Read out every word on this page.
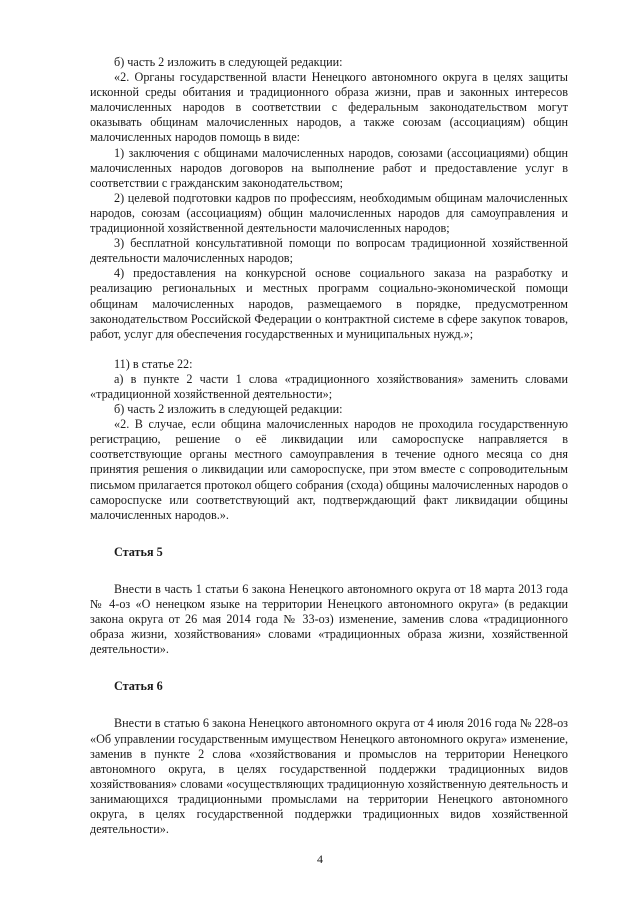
б) часть 2 изложить в следующей редакции:

«2. Органы государственной власти Ненецкого автономного округа в целях защиты исконной среды обитания и традиционного образа жизни, прав и законных интересов малочисленных народов в соответствии с федеральным законодательством могут оказывать общинам малочисленных народов, а также союзам (ассоциациям) общин малочисленных народов помощь в виде:

1) заключения с общинами малочисленных народов, союзами (ассоциациями) общин малочисленных народов договоров на выполнение работ и предоставление услуг в соответствии с гражданским законодательством;

2) целевой подготовки кадров по профессиям, необходимым общинам малочисленных народов, союзам (ассоциациям) общин малочисленных народов для самоуправления и традиционной хозяйственной деятельности малочисленных народов;

3) бесплатной консультативной помощи по вопросам традиционной хозяйственной деятельности малочисленных народов;

4) предоставления на конкурсной основе социального заказа на разработку и реализацию региональных и местных программ социально-экономической помощи общинам малочисленных народов, размещаемого в порядке, предусмотренном законодательством Российской Федерации о контрактной системе в сфере закупок товаров, работ, услуг для обеспечения государственных и муниципальных нужд.»;

11) в статье 22:

а) в пункте 2 части 1 слова «традиционного хозяйствования» заменить словами «традиционной хозяйственной деятельности»;

б) часть 2 изложить в следующей редакции:

«2. В случае, если община малочисленных народов не проходила государственную регистрацию, решение о её ликвидации или самороспуске направляется в соответствующие органы местного самоуправления в течение одного месяца со дня принятия решения о ликвидации или самороспуске, при этом вместе с сопроводительным письмом прилагается протокол общего собрания (схода) общины малочисленных народов о самороспуске или соответствующий акт, подтверждающий факт ликвидации общины малочисленных народов.».

Статья 5

Внести в часть 1 статьи 6 закона Ненецкого автономного округа от 18 марта 2013 года № 4-оз «О ненецком языке на территории Ненецкого автономного округа» (в редакции закона округа от 26 мая 2014 года № 33-оз) изменение, заменив слова «традиционного образа жизни, хозяйствования» словами «традиционных образа жизни, хозяйственной деятельности».

Статья 6

Внести в статью 6 закона Ненецкого автономного округа от 4 июля 2016 года № 228-оз «Об управлении государственным имуществом Ненецкого автономного округа» изменение, заменив в пункте 2 слова «хозяйствования и промыслов на территории Ненецкого автономного округа, в целях государственной поддержки традиционных видов хозяйствования» словами «осуществляющих традиционную хозяйственную деятельность и занимающихся традиционными промыслами на территории Ненецкого автономного округа, в целях государственной поддержки традиционных видов хозяйственной деятельности».

4
